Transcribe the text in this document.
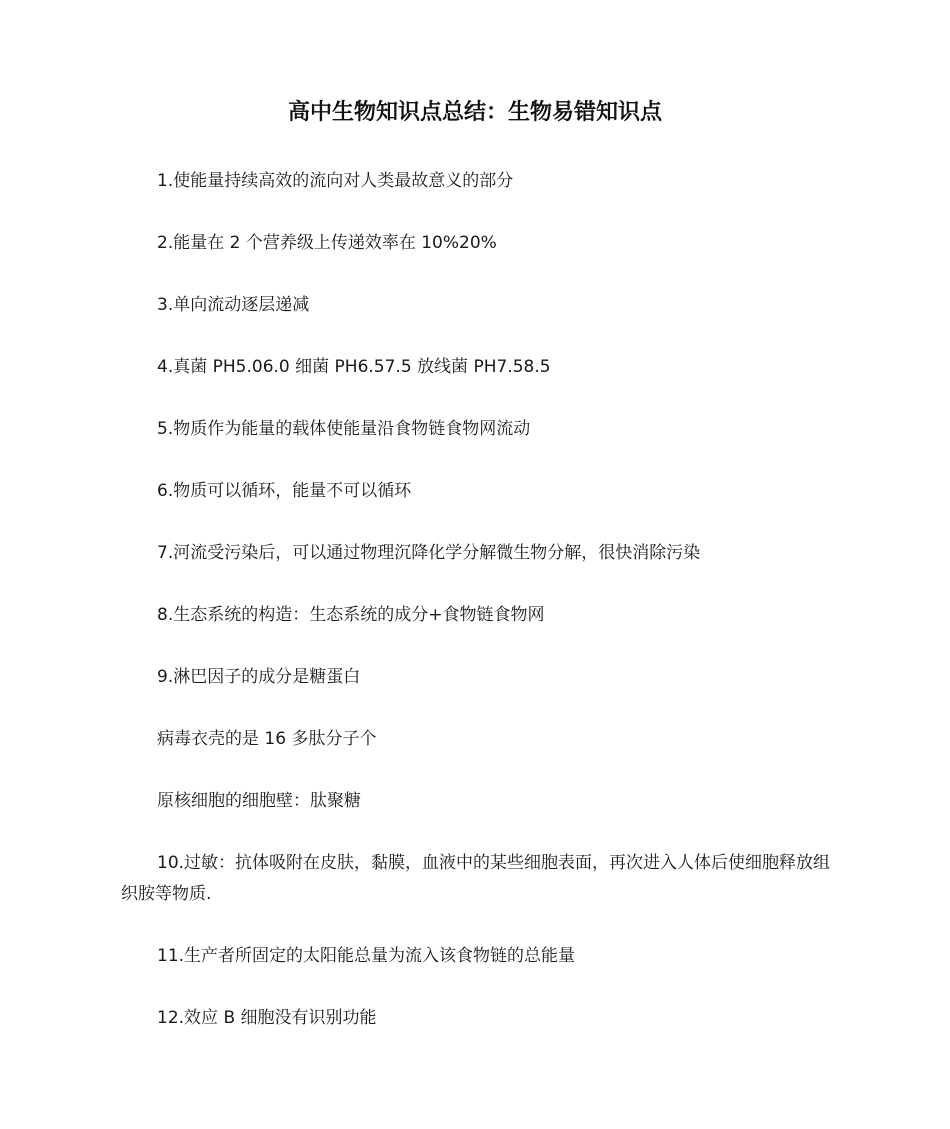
高中生物知识点总结：生物易错知识点

1.使能量持续高效的流向对人类最故意义的部分

2.能量在 2 个营养级上传递效率在 10%20%

3.单向流动逐层递减

4.真菌 PH5.06.0 细菌 PH6.57.5 放线菌 PH7.58.5

5.物质作为能量的载体使能量沿食物链食物网流动

6.物质可以循环，能量不可以循环

7.河流受污染后，可以通过物理沉降化学分解微生物分解，很快消除污染

8.生态系统的构造：生态系统的成分+食物链食物网

9.淋巴因子的成分是糖蛋白

病毒衣壳的是 16 多肽分子个

原核细胞的细胞壁：肽聚糖

10.过敏：抗体吸附在皮肤，黏膜，血液中的某些细胞表面，再次进入人体后使细胞释放组织胺等物质.

11.生产者所固定的太阳能总量为流入该食物链的总能量

12.效应 B 细胞没有识别功能
